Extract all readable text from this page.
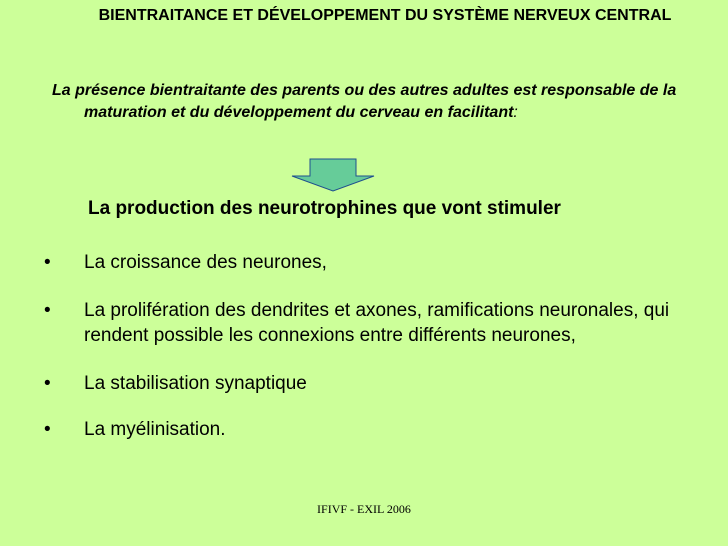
BIENTRAITANCE ET DÉVELOPPEMENT DU SYSTÈME NERVEUX CENTRAL
La présence bientraitante des parents ou des autres adultes est responsable de la maturation et du développement du cerveau en facilitant:
La production des neurotrophines que vont stimuler
• La croissance des neurones,
• La prolifération des dendrites et axones, ramifications neuronales, qui rendent possible les connexions entre différents neurones,
• La stabilisation synaptique
• La myélinisation.
IFIVF - EXIL 2006
